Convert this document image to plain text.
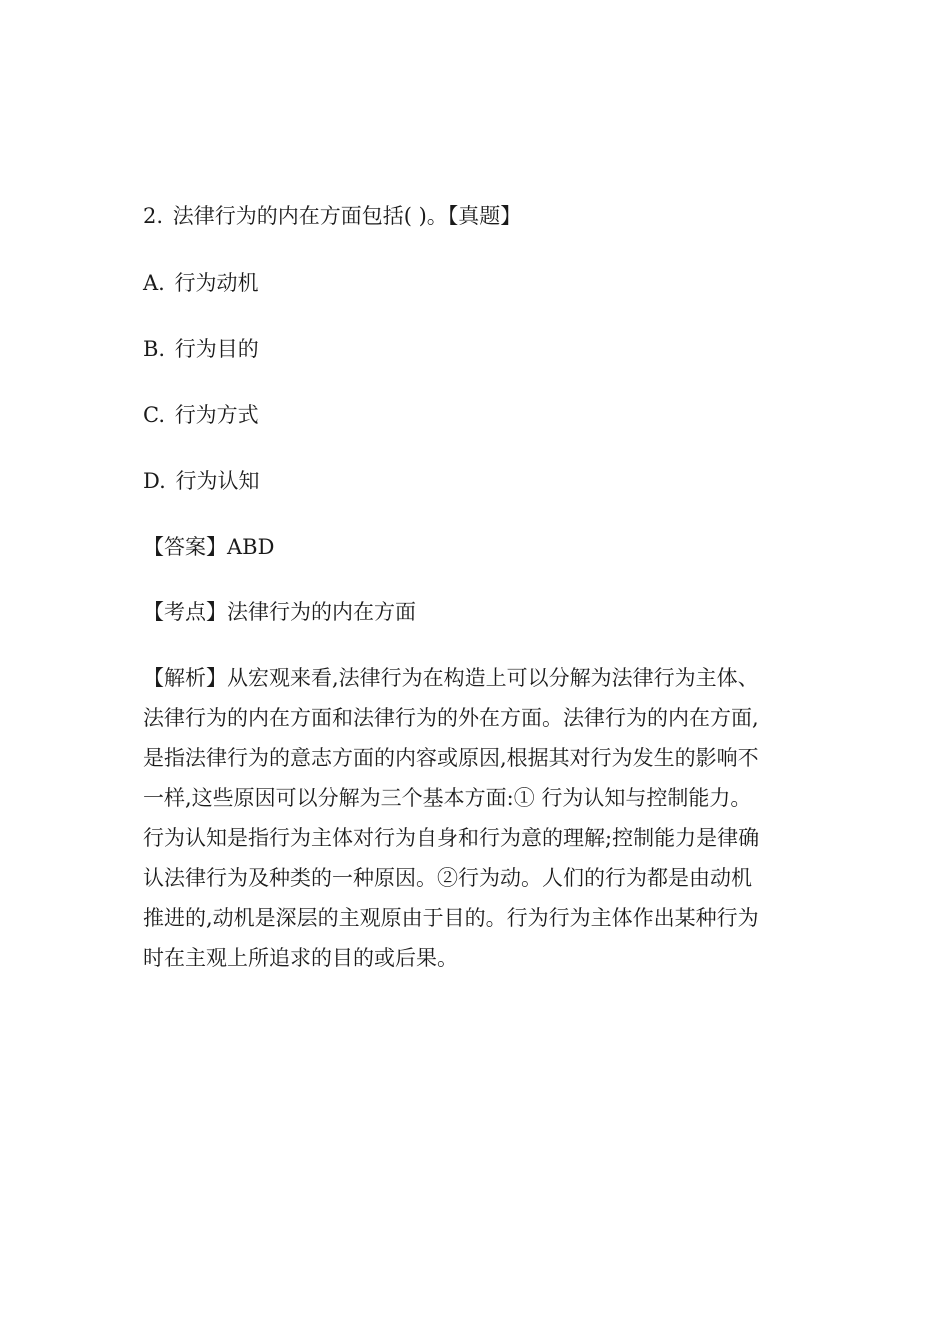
2. 法律行为的内在方面包括( )。【真题】
A. 行为动机
B. 行为目的
C. 行为方式
D. 行为认知
【答案】ABD
【考点】法律行为的内在方面
【解析】从宏观来看,法律行为在构造上可以分解为法律行为主体、
法律行为的内在方面和法律行为的外在方面。法律行为的内在方面,
是指法律行为的意志方面的内容或原因,根据其对行为发生的影响不
一样,这些原因可以分解为三个基本方面:① 行为认知与控制能力。
行为认知是指行为主体对行为自身和行为意的理解;控制能力是律确
认法律行为及种类的一种原因。②行为动。人们的行为都是由动机
推进的,动机是深层的主观原由于目的。行为行为主体作出某种行为
时在主观上所追求的目的或后果。
